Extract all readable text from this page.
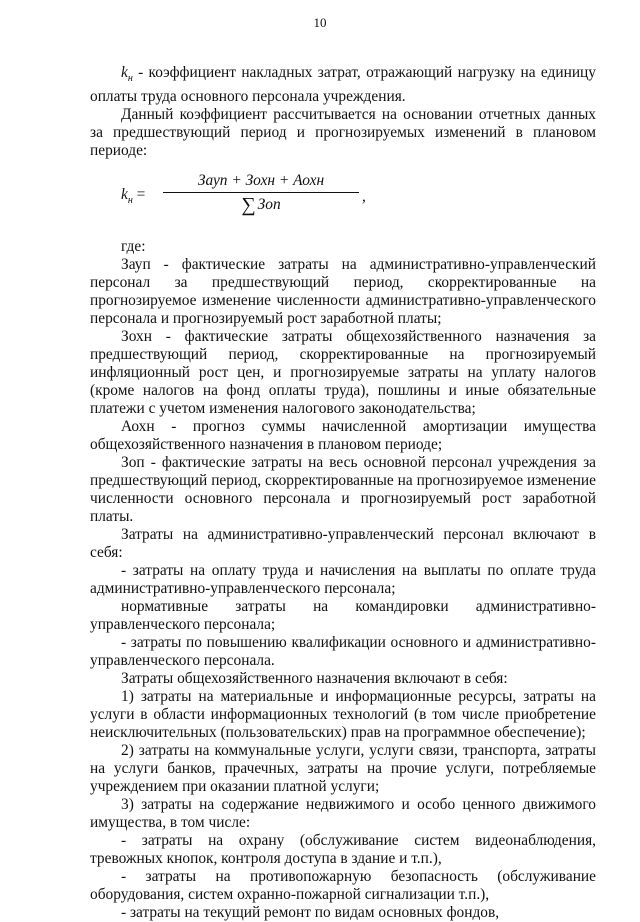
10

$k_н$ - коэффициент накладных затрат, отражающий нагрузку на единицу оплаты труда основного персонала учреждения.

Данный коэффициент рассчитывается на основании отчетных данных за предшествующий период и прогнозируемых изменений в плановом периоде:

$k_н$ =
Зауп + Зохн + Аохн
∑ Зоп	,

где:

Зауп - фактические затраты на административно-управленческий персонал за предшествующий период, скорректированные на прогнозируемое изменение численности административно-управленческого персонала и прогнозируемый рост заработной платы;

Зохн - фактические затраты общехозяйственного назначения за предшествующий период, скорректированные на прогнозируемый инфляционный рост цен, и прогнозируемые затраты на уплату налогов (кроме налогов на фонд оплаты труда), пошлины и иные обязательные платежи с учетом изменения налогового законодательства;

Аохн - прогноз суммы начисленной амортизации имущества общехозяйственного назначения в плановом периоде;

Зоп - фактические затраты на весь основной персонал учреждения за предшествующий период, скорректированные на прогнозируемое изменение численности основного персонала и прогнозируемый рост заработной платы.

Затраты на административно-управленческий персонал включают в себя:

- затраты на оплату труда и начисления на выплаты по оплате труда административно-управленческого персонала;

нормативные затраты на командировки административно-управленческого персонала;

- затраты по повышению квалификации основного и административно-управленческого персонала.

Затраты общехозяйственного назначения включают в себя:

1) затраты на материальные и информационные ресурсы, затраты на услуги в области информационных технологий (в том числе приобретение неисключительных (пользовательских) прав на программное обеспечение);

2) затраты на коммунальные услуги, услуги связи, транспорта, затраты на услуги банков, прачечных, затраты на прочие услуги, потребляемые учреждением при оказании платной услуги;

3) затраты на содержание недвижимого и особо ценного движимого имущества, в том числе:

- затраты на охрану (обслуживание систем видеонаблюдения, тревожных кнопок, контроля доступа в здание и т.п.),

- затраты на противопожарную безопасность (обслуживание оборудования, систем охранно-пожарной сигнализации т.п.),

- затраты на текущий ремонт по видам основных фондов,
